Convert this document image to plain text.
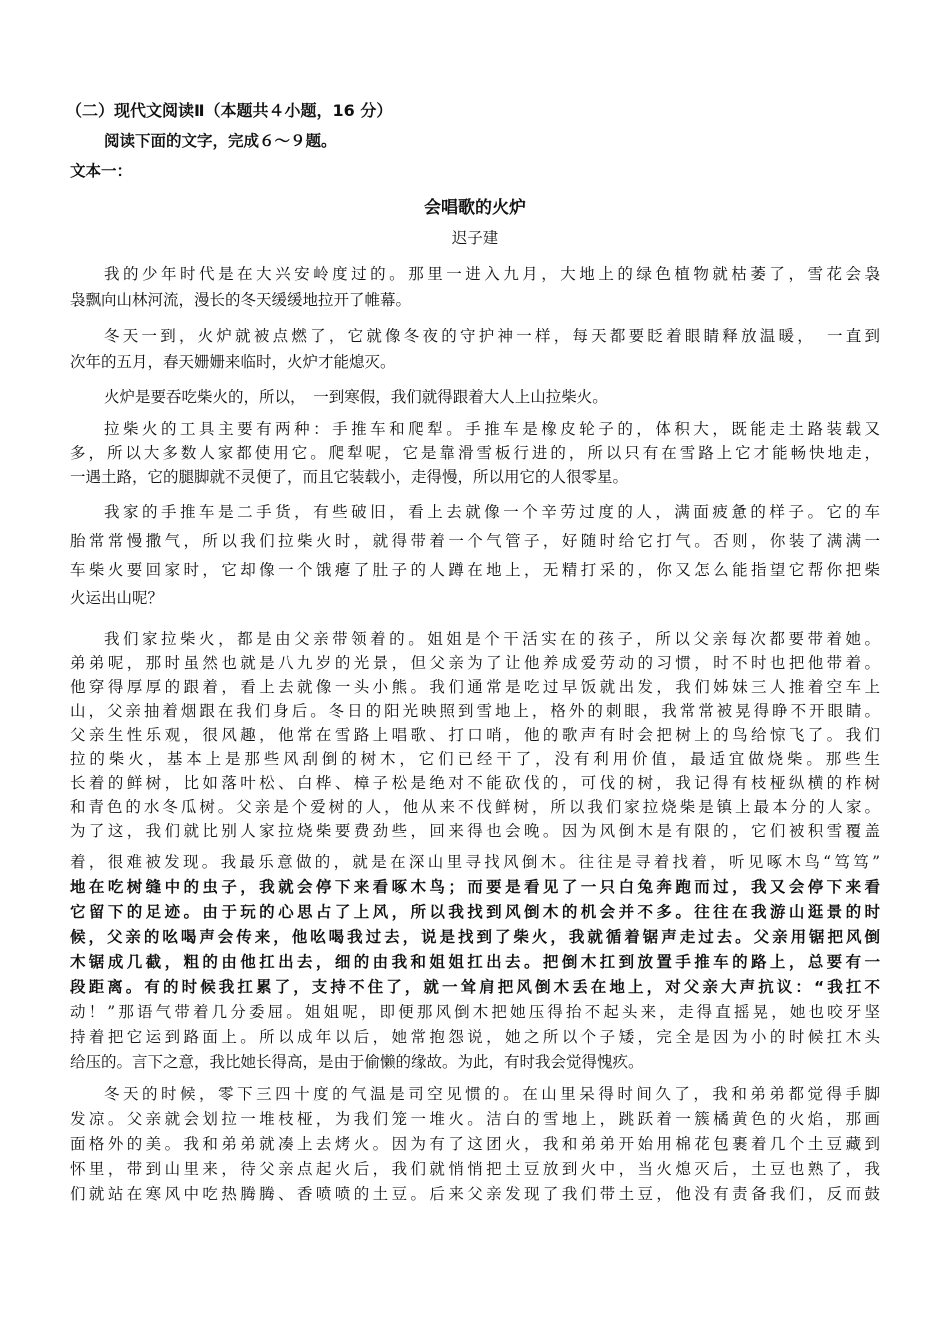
（二）现代文阅读Ⅱ（本题共４小题，16 分）
阅读下面的文字，完成６～９题。
文本一：
会唱歌的火炉
迟子建
我的少年时代是在大兴安岭度过的。那里一进入九月，大地上的绿色植物就枯萎了，雪花会袅
袅飘向山林河流，漫长的冬天缓缓地拉开了帷幕。
冬天一到，火炉就被点燃了，它就像冬夜的守护神一样，每天都要眨着眼睛释放温暖，　一直到
次年的五月，春天姗姗来临时，火炉才能熄灭。
火炉是要吞吃柴火的，所以，　一到寒假，我们就得跟着大人上山拉柴火。
拉柴火的工具主要有两种：手推车和爬犁。手推车是橡皮轮子的，体积大，既能走土路装载又
多，所以大多数人家都使用它。爬犁呢，它是靠滑雪板行进的，所以只有在雪路上它才能畅快地走，
一遇土路，它的腿脚就不灵便了，而且它装载小，走得慢，所以用它的人很零星。
我家的手推车是二手货，有些破旧，看上去就像一个辛劳过度的人，满面疲惫的样子。它的车
胎常常慢撒气，所以我们拉柴火时，就得带着一个气管子，好随时给它打气。否则，你装了满满一
车柴火要回家时，它却像一个饿瘪了肚子的人蹲在地上，无精打采的，你又怎么能指望它帮你把柴
火运出山呢？
我们家拉柴火，都是由父亲带领着的。姐姐是个干活实在的孩子，所以父亲每次都要带着她。
弟弟呢，那时虽然也就是八九岁的光景，但父亲为了让他养成爱劳动的习惯，时不时也把他带着。
他穿得厚厚的跟着，看上去就像一头小熊。我们通常是吃过早饭就出发，我们姊妹三人推着空车上
山，父亲抽着烟跟在我们身后。冬日的阳光映照到雪地上，格外的刺眼，我常常被晃得睁不开眼睛。
父亲生性乐观，很风趣，他常在雪路上唱歌、打口哨，他的歌声有时会把树上的鸟给惊飞了。我们
拉的柴火，基本上是那些风刮倒的树木，它们已经干了，没有利用价值，最适宜做烧柴。那些生
长着的鲜树，比如落叶松、白桦、樟子松是绝对不能砍伐的，可伐的树，我记得有枝桠纵横的柞树
和青色的水冬瓜树。父亲是个爱树的人，他从来不伐鲜树，所以我们家拉烧柴是镇上最本分的人家。
为了这，我们就比别人家拉烧柴要费劲些，回来得也会晚。因为风倒木是有限的，它们被积雪覆盖
着，很难被发现。我最乐意做的，就是在深山里寻找风倒木。往往是寻着找着，听见啄木鸟“笃笃”
地在吃树缝中的虫子，我就会停下来看啄木鸟；而要是看见了一只白兔奔跑而过，我又会停下来看
它留下的足迹。由于玩的心思占了上风，所以我找到风倒木的机会并不多。往往在我游山逛景的时
候，父亲的吆喝声会传来，他吆喝我过去，说是找到了柴火，我就循着锯声走过去。父亲用锯把风倒
木锯成几截，粗的由他扛出去，细的由我和姐姐扛出去。把倒木扛到放置手推车的路上，总要有一
段距离。有的时候我扛累了，支持不住了，就一耸肩把风倒木丢在地上，对父亲大声抗议：“我扛不
动！”那语气带着几分委屈。姐姐呢，即便那风倒木把她压得抬不起头来，走得直摇晃，她也咬牙坚
持着把它运到路面上。所以成年以后，她常抱怨说，她之所以个子矮，完全是因为小的时候扛木头
给压的。言下之意，我比她长得高，是由于偷懒的缘故。为此，有时我会觉得愧疚。
冬天的时候，零下三四十度的气温是司空见惯的。在山里呆得时间久了，我和弟弟都觉得手脚
发凉。父亲就会划拉一堆枝桠，为我们笼一堆火。洁白的雪地上，跳跃着一簇橘黄色的火焰，那画
面格外的美。我和弟弟就凑上去烤火。因为有了这团火，我和弟弟开始用棉花包裹着几个土豆藏到
怀里，带到山里来，待父亲点起火后，我们就悄悄把土豆放到火中，当火熄灭后，土豆也熟了，我
们就站在寒风中吃热腾腾、香喷喷的土豆。后来父亲发现了我们带土豆，他没有责备我们，反而鼓
